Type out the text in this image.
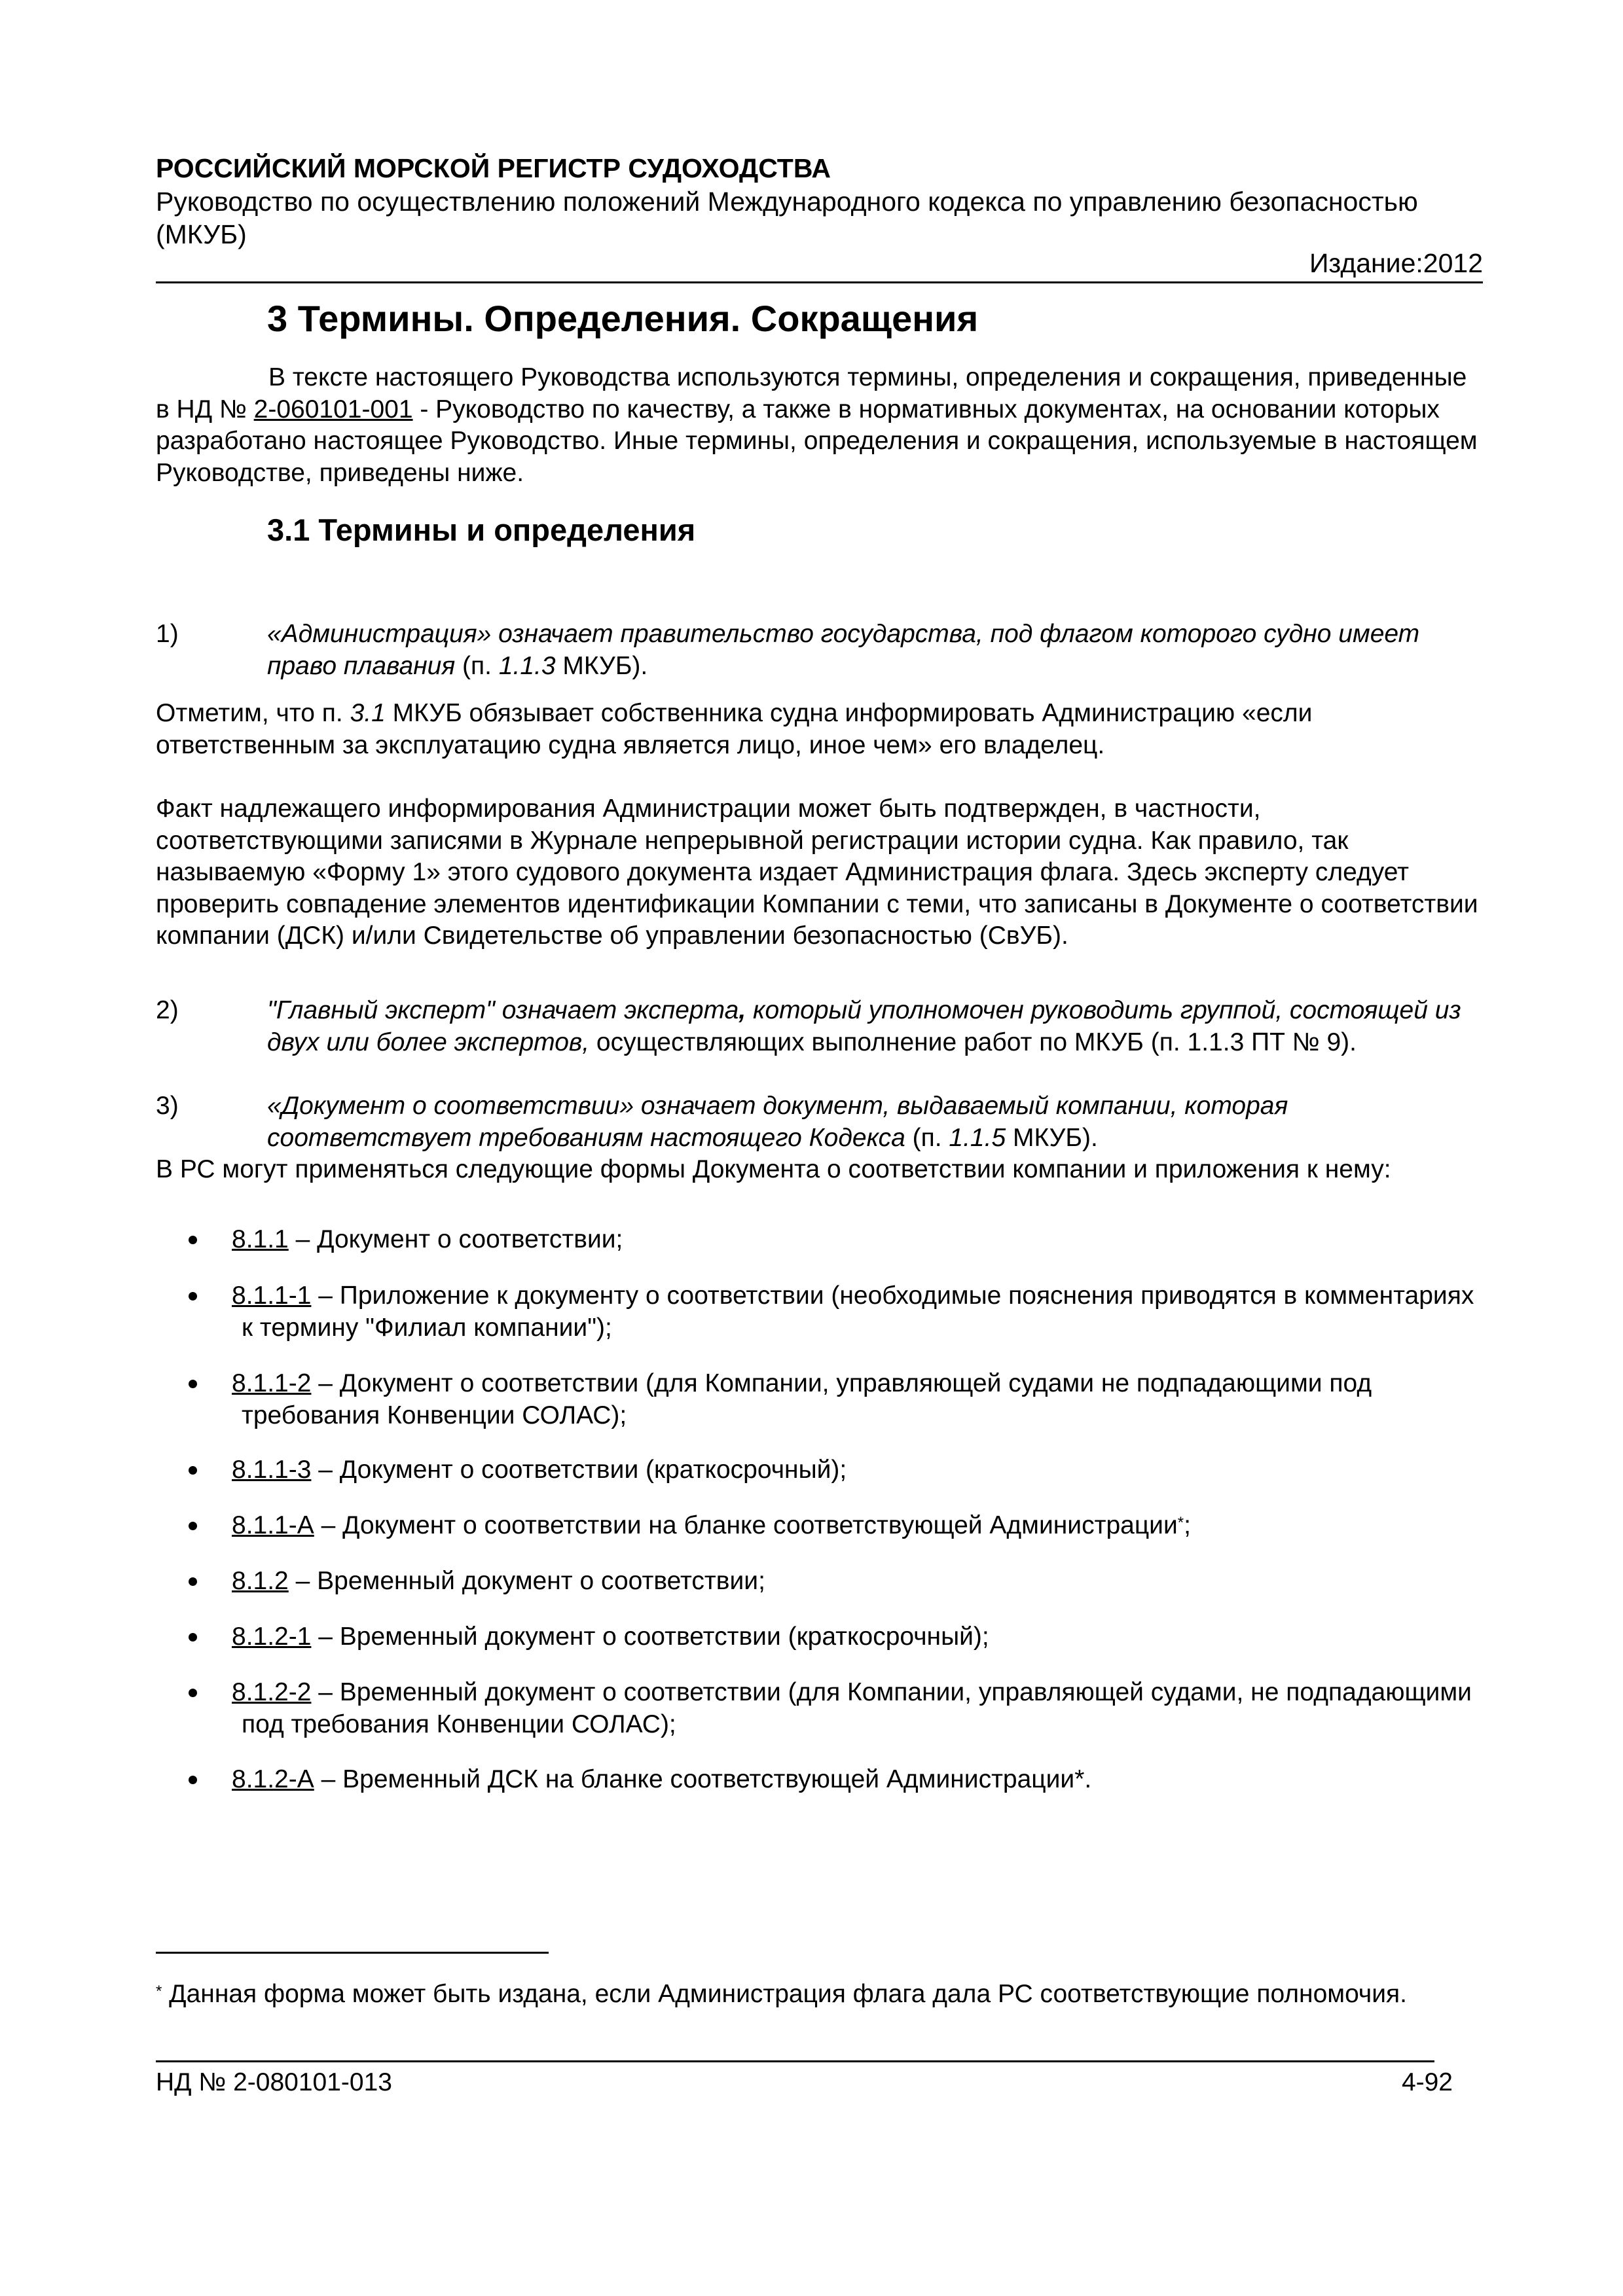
РОССИЙСКИЙ МОРСКОЙ РЕГИСТР СУДОХОДСТВА
Руководство по осуществлению положений Международного кодекса по управлению безопасностью (МКУБ)
Издание:2012
3 Термины. Определения. Сокращения
В тексте настоящего Руководства используются термины, определения и сокращения, приведенные в НД № 2-060101-001 - Руководство по качеству, а также в нормативных документах, на основании которых разработано настоящее Руководство. Иные термины, определения и сокращения, используемые в настоящем Руководстве, приведены ниже.
3.1 Термины и определения
1)	«Администрация» означает правительство государства, под флагом которого судно имеет право плавания (п. 1.1.3 МКУБ).
Отметим, что п. 3.1 МКУБ обязывает собственника судна информировать Администрацию «если ответственным за эксплуатацию судна является лицо, иное чем» его владелец.
Факт надлежащего информирования Администрации может быть подтвержден, в частности, соответствующими записями в Журнале непрерывной регистрации истории судна. Как правило, так называемую «Форму 1» этого судового документа издает Администрация флага. Здесь эксперту следует проверить совпадение элементов идентификации Компании с теми, что записаны в Документе о соответствии компании (ДСК) и/или Свидетельстве об управлении безопасностью (СвУБ).
2)	"Главный эксперт" означает эксперта, который уполномочен руководить группой, состоящей из двух или более экспертов, осуществляющих выполнение работ по МКУБ (п. 1.1.3 ПТ № 9).
3)	«Документ о соответствии» означает документ, выдаваемый компании, которая соответствует требованиям настоящего Кодекса (п. 1.1.5 МКУБ).
В РС могут применяться следующие формы Документа о соответствии компании и приложения к нему:
8.1.1 – Документ о соответствии;
8.1.1-1 – Приложение к документу о соответствии (необходимые пояснения приводятся в комментариях к термину "Филиал компании");
8.1.1-2 – Документ о соответствии (для Компании, управляющей судами не подпадающими под требования Конвенции СОЛАС);
8.1.1-3 – Документ о соответствии (краткосрочный);
8.1.1-А – Документ о соответствии на бланке соответствующей Администрации*;
8.1.2 – Временный документ о соответствии;
8.1.2-1 – Временный документ о соответствии (краткосрочный);
8.1.2-2 – Временный документ о соответствии (для Компании, управляющей судами, не подпадающими под требования Конвенции СОЛАС);
8.1.2-А – Временный ДСК на бланке соответствующей Администрации*.
* Данная форма может быть издана, если Администрация флага дала РС соответствующие полномочия.
НД № 2-080101-013	4-92
